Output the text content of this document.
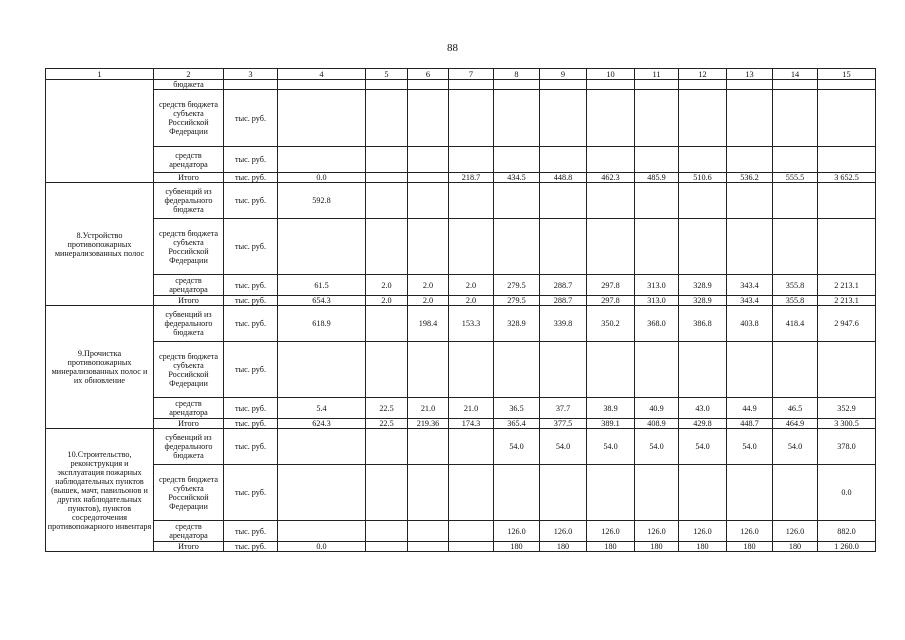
88
1	2	3	4	5	6	7	8	9	10	11	12	13	14	15
	бюджета													
	средств бюджета субъекта Российской Федерации	тыс. руб.												
	средств арендатора	тыс. руб.												
	Итого	тыс. руб.	0.0			218.7	434.5	448.8	462.3	485.9	510.6	536.2	555.5	3 652.5
8.Устройство противопожарных минерализованных полос	субвенций из федерального бюджета	тыс. руб.	592.8											
	средств бюджета субъекта Российской Федерации	тыс. руб.												
	средств арендатора	тыс. руб.	61.5	2.0	2.0	2.0	279.5	288.7	297.8	313.0	328.9	343.4	355.8	2 213.1
	Итого	тыс. руб.	654.3	2.0	2.0	2.0	279.5	288.7	297.8	313.0	328.9	343.4	355.8	2 213.1
9.Прочистка противопожарных минерализованных полос и их обновление	субвенций из федерального бюджета	тыс. руб.	618.9		198.4	153.3	328.9	339.8	350.2	368.0	386.8	403.8	418.4	2 947.6
	средств бюджета субъекта Российской Федерации	тыс. руб.												
	средств арендатора	тыс. руб.	5.4	22.5	21.0	21.0	36.5	37.7	38.9	40.9	43.0	44.9	46.5	352.9
	Итого	тыс. руб.	624.3	22.5	219.36	174.3	365.4	377.5	389.1	408.9	429.8	448.7	464.9	3 300.5
10.Строительство, реконструкция и эксплуатация пожарных наблюдательных пунктов (вышек, мачт, павильонов и других наблюдательных пунктов), пунктов сосредоточения противопожарного инвентаря	субвенций из федерального бюджета	тыс. руб.					54.0	54.0	54.0	54.0	54.0	54.0	54.0	378.0
	средств бюджета субъекта Российской Федерации	тыс. руб.												0.0
	средств арендатора	тыс. руб.					126.0	126.0	126.0	126.0	126.0	126.0	126.0	882.0
	Итого	тыс. руб.	0.0				180	180	180	180	180	180	180	1 260.0
